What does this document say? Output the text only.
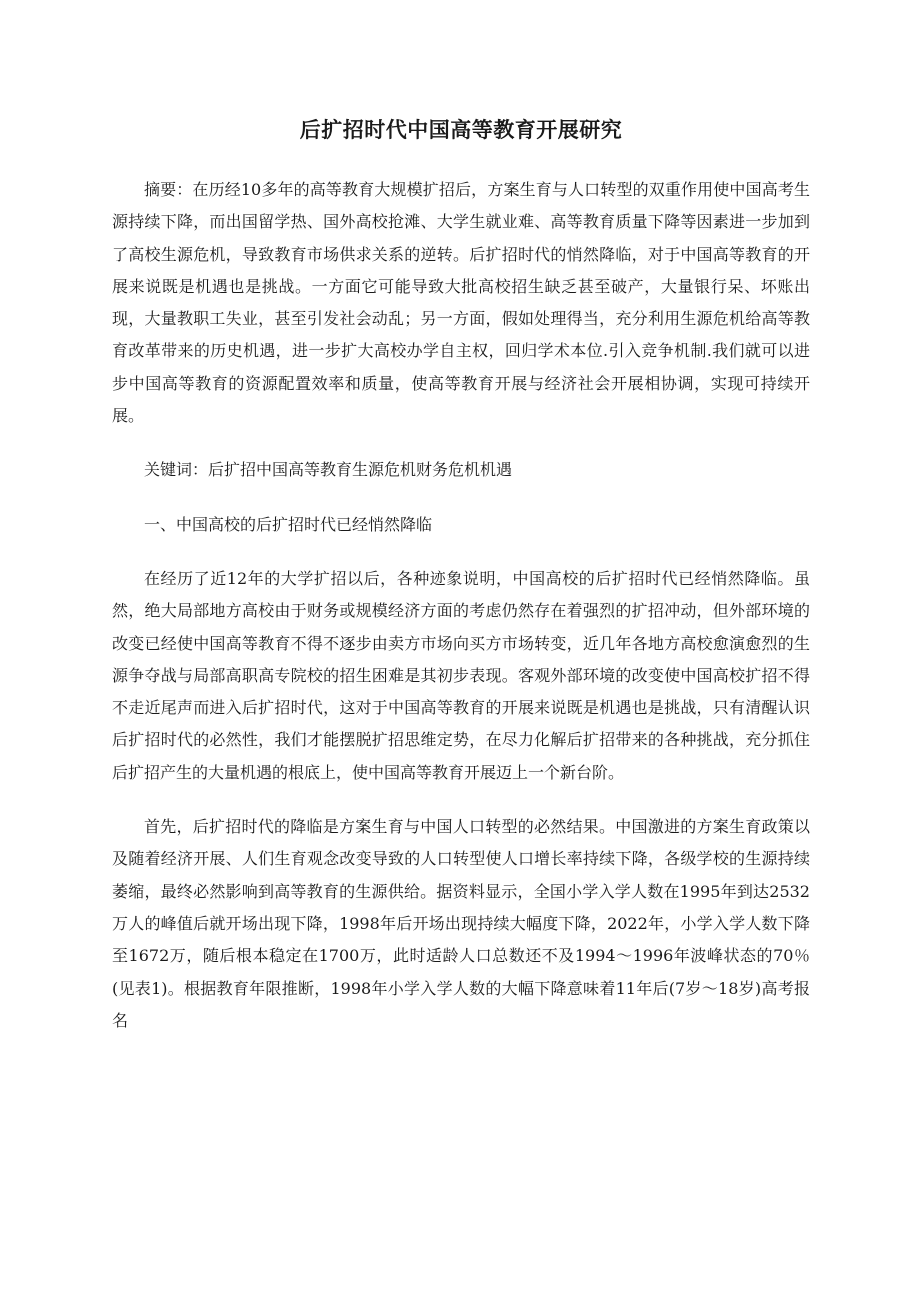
后扩招时代中国高等教育开展研究

摘要：在历经10多年的高等教育大规模扩招后，方案生育与人口转型的双重作用使中国高考生源持续下降，而出国留学热、国外高校抢滩、大学生就业难、高等教育质量下降等因素进一步加到了高校生源危机，导致教育市场供求关系的逆转。后扩招时代的悄然降临，对于中国高等教育的开展来说既是机遇也是挑战。一方面它可能导致大批高校招生缺乏甚至破产，大量银行呆、坏账出现，大量教职工失业，甚至引发社会动乱；另一方面，假如处理得当，充分利用生源危机给高等教育改革带来的历史机遇，进一步扩大高校办学自主权，回归学术本位.引入竞争机制.我们就可以进步中国高等教育的资源配置效率和质量，使高等教育开展与经济社会开展相协调，实现可持续开展。

关键词：后扩招中国高等教育生源危机财务危机机遇

一、中国高校的后扩招时代已经悄然降临

在经历了近12年的大学扩招以后，各种迹象说明，中国高校的后扩招时代已经悄然降临。虽然，绝大局部地方高校由于财务或规模经济方面的考虑仍然存在着强烈的扩招冲动，但外部环境的改变已经使中国高等教育不得不逐步由卖方市场向买方市场转变，近几年各地方高校愈演愈烈的生源争夺战与局部高职高专院校的招生困难是其初步表现。客观外部环境的改变使中国高校扩招不得不走近尾声而进入后扩招时代，这对于中国高等教育的开展来说既是机遇也是挑战，只有清醒认识后扩招时代的必然性，我们才能摆脱扩招思维定势，在尽力化解后扩招带来的各种挑战，充分抓住后扩招产生的大量机遇的根底上，使中国高等教育开展迈上一个新台阶。

首先，后扩招时代的降临是方案生育与中国人口转型的必然结果。中国激进的方案生育政策以及随着经济开展、人们生育观念改变导致的人口转型使人口增长率持续下降，各级学校的生源持续萎缩，最终必然影响到高等教育的生源供给。据资料显示，全国小学入学人数在1995年到达2532万人的峰值后就开场出现下降，1998年后开场出现持续大幅度下降，2022年，小学入学人数下降至1672万，随后根本稳定在1700万，此时适龄人口总数还不及1994～1996年波峰状态的70％(见表1)。根据教育年限推断，1998年小学入学人数的大幅下降意味着11年后(7岁～18岁)高考报名
